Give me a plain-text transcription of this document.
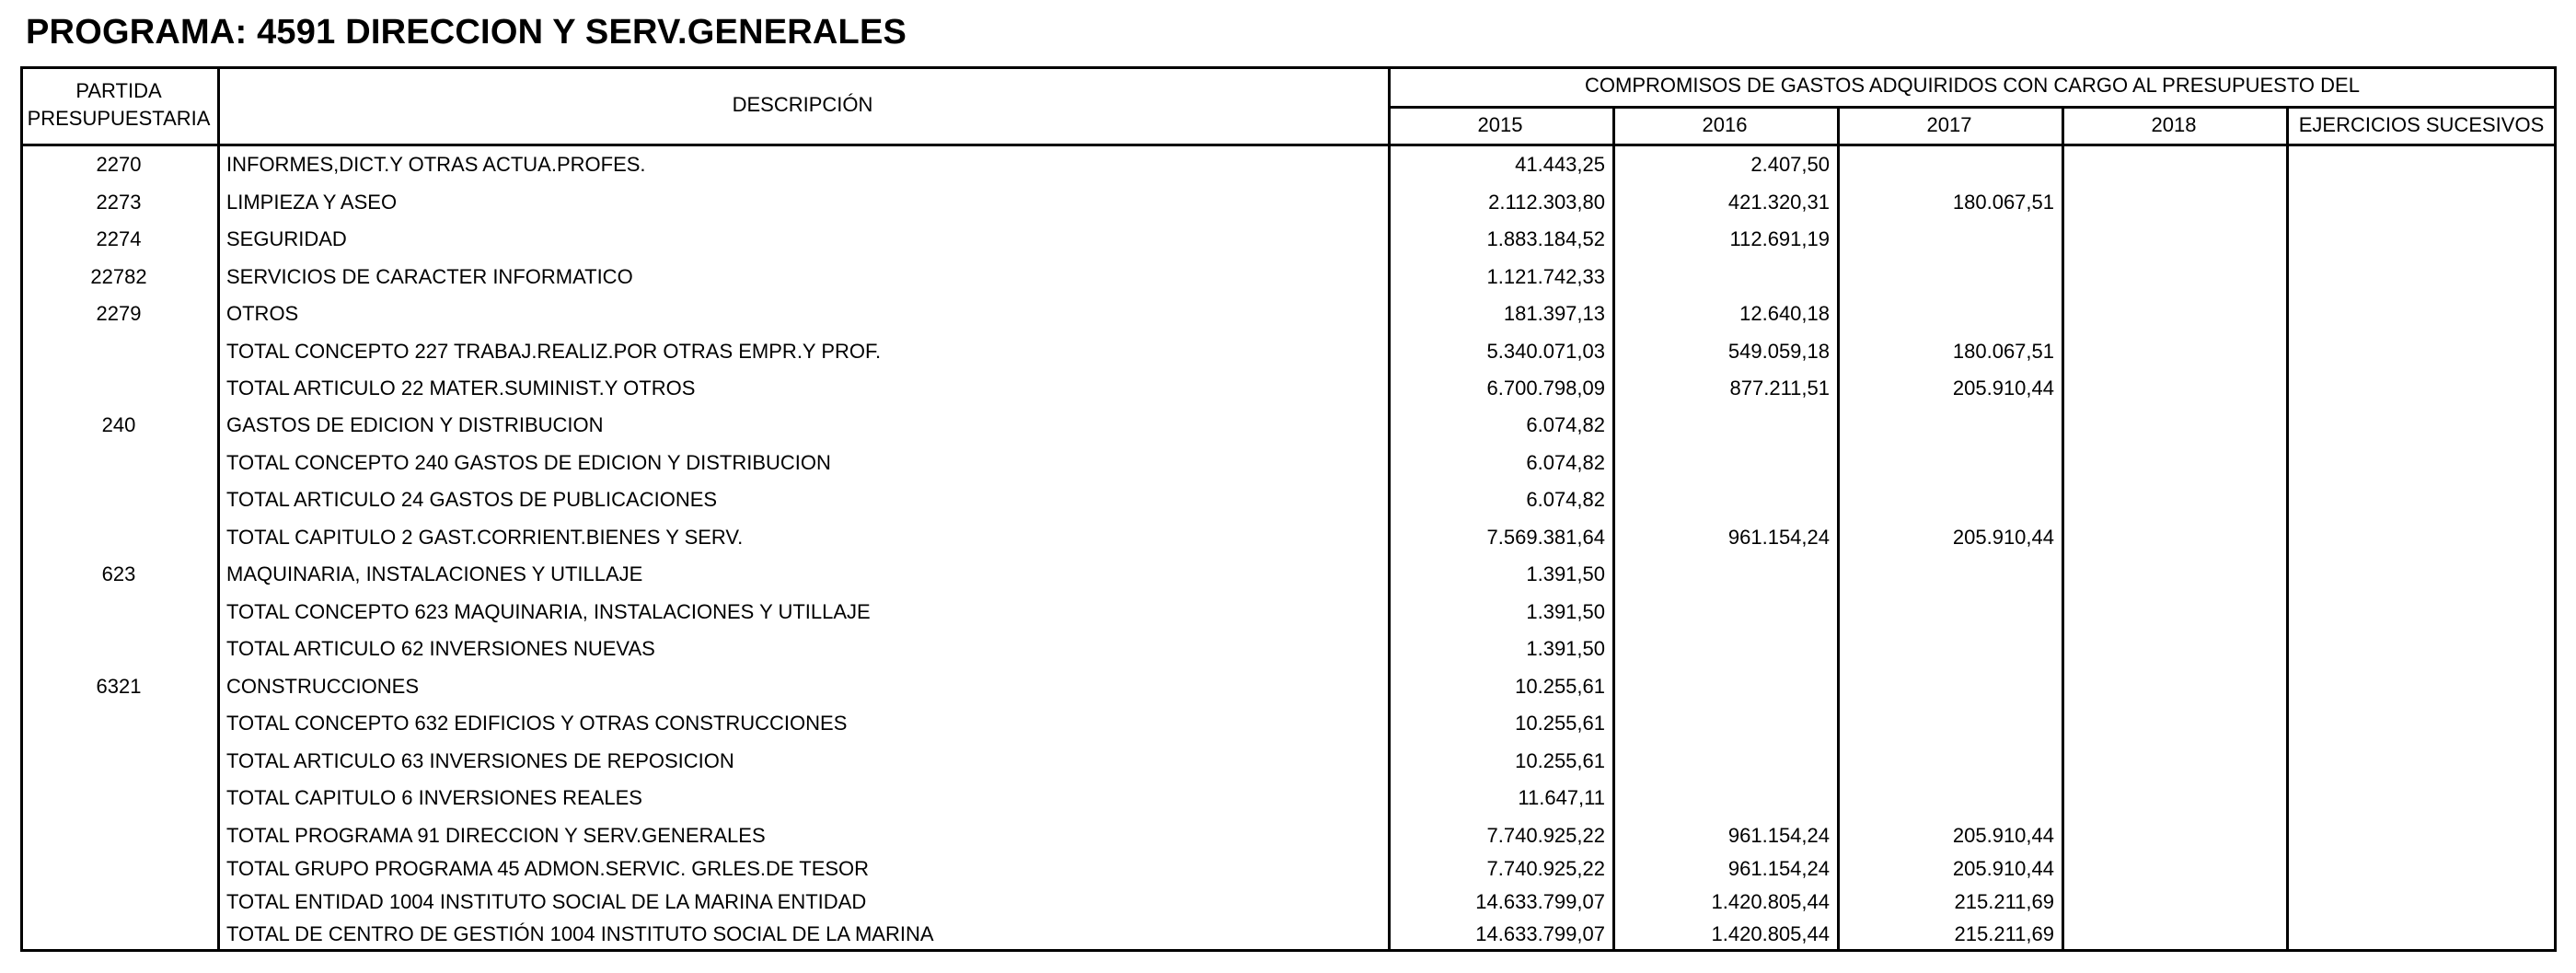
PROGRAMA: 4591 DIRECCION Y SERV.GENERALES
PARTIDA
PRESUPUESTARIA
DESCRIPCIÓN
COMPROMISOS DE GASTOS ADQUIRIDOS CON CARGO AL PRESUPUESTO DEL
2015	2016	2017	2018	EJERCICIOS SUCESIVOS
2270	INFORMES,DICT.Y OTRAS ACTUA.PROFES.	41.443,25	2.407,50
2273	LIMPIEZA Y ASEO	2.112.303,80	421.320,31	180.067,51
2274	SEGURIDAD	1.883.184,52	112.691,19
22782	SERVICIOS DE CARACTER INFORMATICO	1.121.742,33
2279	OTROS	181.397,13	12.640,18
TOTAL CONCEPTO 227 TRABAJ.REALIZ.POR OTRAS EMPR.Y PROF.	5.340.071,03	549.059,18	180.067,51
TOTAL ARTICULO 22 MATER.SUMINIST.Y OTROS	6.700.798,09	877.211,51	205.910,44
240	GASTOS DE EDICION Y DISTRIBUCION	6.074,82
TOTAL CONCEPTO 240 GASTOS DE EDICION Y DISTRIBUCION	6.074,82
TOTAL ARTICULO 24 GASTOS DE PUBLICACIONES	6.074,82
TOTAL CAPITULO 2 GAST.CORRIENT.BIENES Y SERV.	7.569.381,64	961.154,24	205.910,44
623	MAQUINARIA, INSTALACIONES Y UTILLAJE	1.391,50
TOTAL CONCEPTO 623 MAQUINARIA, INSTALACIONES Y UTILLAJE	1.391,50
TOTAL ARTICULO 62 INVERSIONES NUEVAS	1.391,50
6321	CONSTRUCCIONES	10.255,61
TOTAL CONCEPTO 632 EDIFICIOS Y OTRAS CONSTRUCCIONES	10.255,61
TOTAL ARTICULO 63 INVERSIONES DE REPOSICION	10.255,61
TOTAL CAPITULO 6 INVERSIONES REALES	11.647,11
TOTAL PROGRAMA 91 DIRECCION Y SERV.GENERALES	7.740.925,22	961.154,24	205.910,44
TOTAL GRUPO PROGRAMA 45 ADMON.SERVIC. GRLES.DE TESOR	7.740.925,22	961.154,24	205.910,44
TOTAL ENTIDAD 1004 INSTITUTO SOCIAL DE LA MARINA ENTIDAD	14.633.799,07	1.420.805,44	215.211,69
TOTAL DE CENTRO DE GESTIÓN 1004 INSTITUTO SOCIAL DE LA MARINA	14.633.799,07	1.420.805,44	215.211,69
